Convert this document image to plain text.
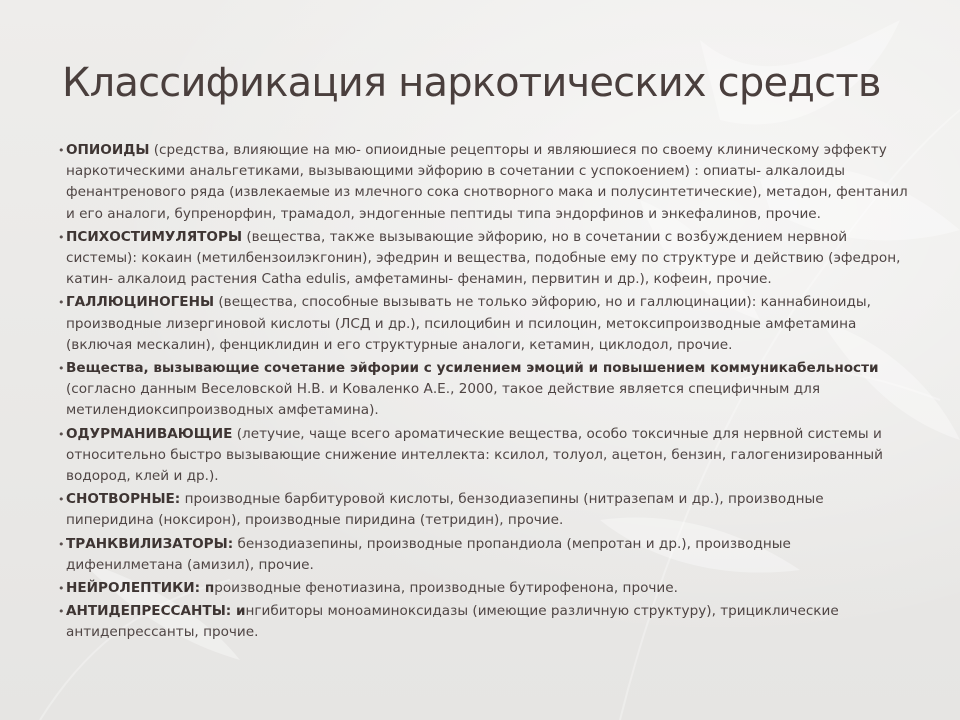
Классификация наркотических средств
• ОПИОИДЫ (средства, влияющие на мю- опиоидные рецепторы и являюшиеся по своему клиническому эффекту наркотическими анальгетиками, вызывающими эйфорию в сочетании с успокоением) : опиаты- алкалоиды фенантренового ряда (извлекаемые из млечного сока снотворного мака и полусинтетические), метадон, фентанил и его аналоги, бупренорфин, трамадол, эндогенные пептиды типа эндорфинов и энкефалинов, прочие.
• ПСИХОСТИМУЛЯТОРЫ (вещества, также вызывающие эйфорию, но в сочетании с возбуждением нервной системы): кокаин (метилбензоилэкгонин), эфедрин и вещества, подобные ему по структуре и действию (эфедрон, катин- алкалоид растения Catha edulis, амфетамины- фенамин, первитин и др.), кофеин, прочие.
• ГАЛЛЮЦИНОГЕНЫ (вещества, способные вызывать не только эйфорию, но и галлюцинации): каннабиноиды, производные лизергиновой кислоты (ЛСД и др.), псилоцибин и псилоцин, метоксипроизводные амфетамина (включая мескалин), фенциклидин и его структурные аналоги, кетамин, циклодол, прочие.
• Вещества, вызывающие сочетание эйфории с усилением эмоций и повышением коммуникабельности (согласно данным Веселовской Н.В. и Коваленко А.Е., 2000, такое действие является специфичным для метилендиоксипроизводных амфетамина).
• ОДУРМАНИВАЮЩИЕ (летучие, чаще всего ароматические вещества, особо токсичные для нервной системы и относительно быстро вызывающие снижение интеллекта: ксилол, толуол, ацетон, бензин, галогенизированный водород, клей и др.).
• СНОТВОРНЫЕ: производные барбитуровой кислоты, бензодиазепины (нитразепам и др.), производные пиперидина (ноксирон), производные пиридина (тетридин), прочие.
• ТРАНКВИЛИЗАТОРЫ: бензодиазепины, производные пропандиола (мепротан и др.), производные дифенилметана (амизил), прочие.
• НЕЙРОЛЕПТИКИ: производные фенотиазина, производные бутирофенона, прочие.
• АНТИДЕПРЕССАНТЫ: ингибиторы моноаминоксидазы (имеющие различную структуру), трициклические антидепрессанты, прочие.
